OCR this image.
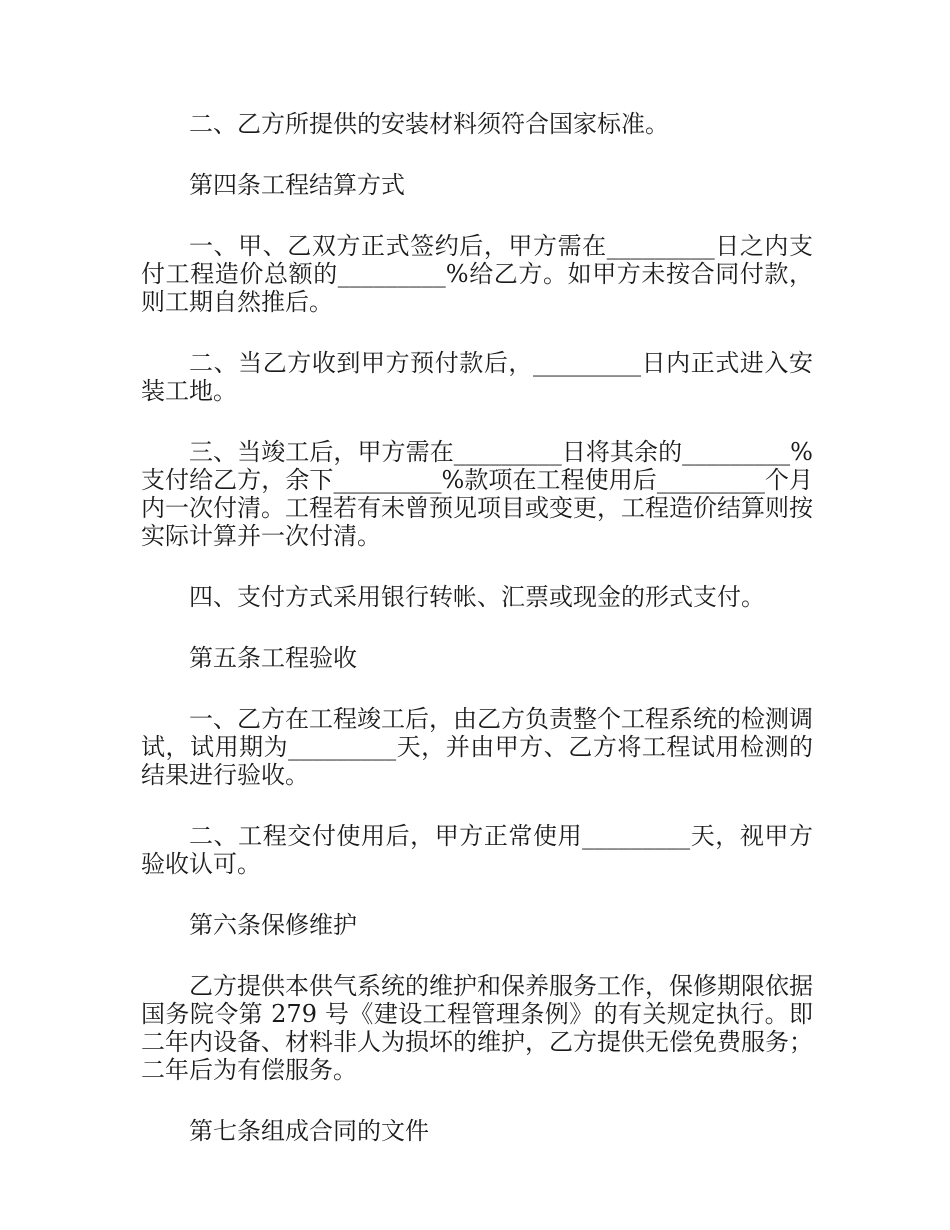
二、乙方所提供的安装材料须符合国家标准。

第四条工程结算方式

一、甲、乙双方正式签约后，甲方需在_________日之内支付工程造价总额的_________%给乙方。如甲方未按合同付款，则工期自然推后。

二、当乙方收到甲方预付款后，_________日内正式进入安装工地。

三、当竣工后，甲方需在_________日将其余的_________%支付给乙方，余下_________%款项在工程使用后_________个月内一次付清。工程若有未曾预见项目或变更，工程造价结算则按实际计算并一次付清。

四、支付方式采用银行转帐、汇票或现金的形式支付。

第五条工程验收

一、乙方在工程竣工后，由乙方负责整个工程系统的检测调试，试用期为_________天，并由甲方、乙方将工程试用检测的结果进行验收。

二、工程交付使用后，甲方正常使用_________天，视甲方验收认可。

第六条保修维护

乙方提供本供气系统的维护和保养服务工作，保修期限依据国务院令第 279 号《建设工程管理条例》的有关规定执行。即二年内设备、材料非人为损坏的维护，乙方提供无偿免费服务；二年后为有偿服务。

第七条组成合同的文件
